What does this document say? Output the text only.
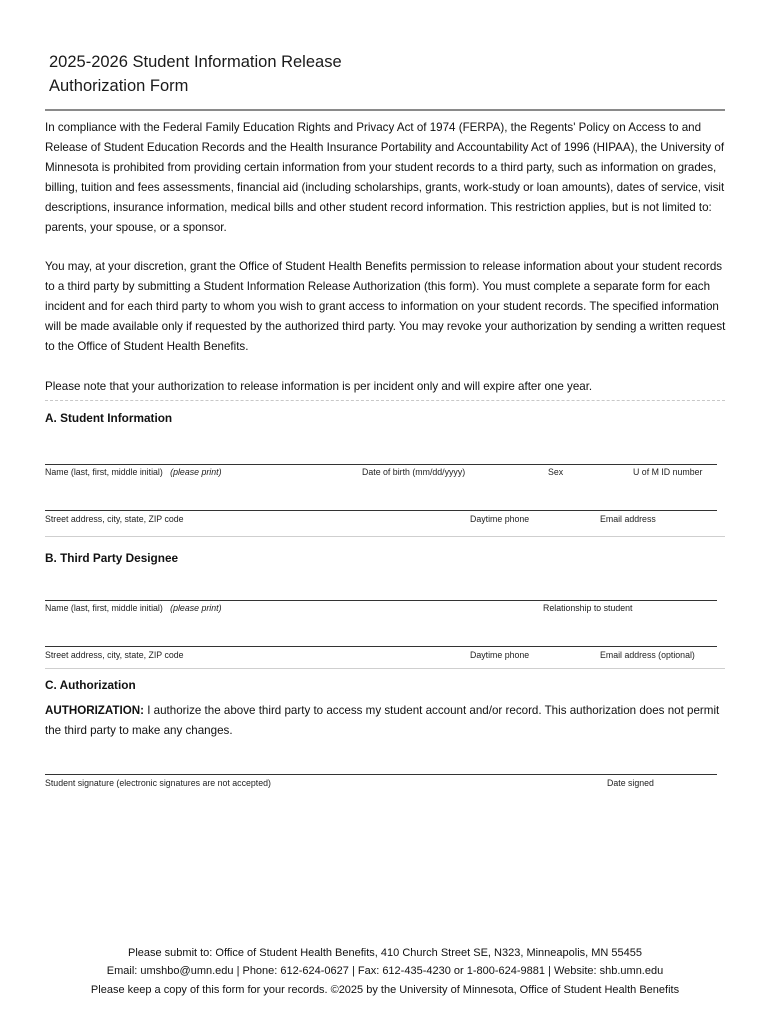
2025-2026 Student Information Release
Authorization Form
In compliance with the Federal Family Education Rights and Privacy Act of 1974 (FERPA), the Regents' Policy on Access to and Release of Student Education Records and the Health Insurance Portability and Accountability Act of 1996 (HIPAA), the University of Minnesota is prohibited from providing certain information from your student records to a third party, such as information on grades, billing, tuition and fees assessments, financial aid (including scholarships, grants, work-study or loan amounts), dates of service, visit descriptions, insurance information, medical bills and other student record information. This restriction applies, but is not limited to: parents, your spouse, or a sponsor.
You may, at your discretion, grant the Office of Student Health Benefits permission to release information about your student records to a third party by submitting a Student Information Release Authorization (this form). You must complete a separate form for each incident and for each third party to whom you wish to grant access to information on your student records. The specified information will be made available only if requested by the authorized third party. You may revoke your authorization by sending a written request to the Office of Student Health Benefits.
Please note that your authorization to release information is per incident only and will expire after one year.
A. Student Information
Name (last, first, middle initial) (please print)	Date of birth (mm/dd/yyyy)	Sex	U of M ID number
Street address, city, state, ZIP code	Daytime phone	Email address
B. Third Party Designee
Name (last, first, middle initial) (please print)	Relationship to student
Street address, city, state, ZIP code	Daytime phone	Email address (optional)
C. Authorization
AUTHORIZATION: I authorize the above third party to access my student account and/or record. This authorization does not permit the third party to make any changes.
Student signature (electronic signatures are not accepted)	Date signed
Please submit to: Office of Student Health Benefits, 410 Church Street SE, N323, Minneapolis, MN 55455
Email: umshbo@umn.edu | Phone: 612-624-0627 | Fax: 612-435-4230 or 1-800-624-9881 | Website: shb.umn.edu
Please keep a copy of this form for your records. ©2025 by the University of Minnesota, Office of Student Health Benefits
